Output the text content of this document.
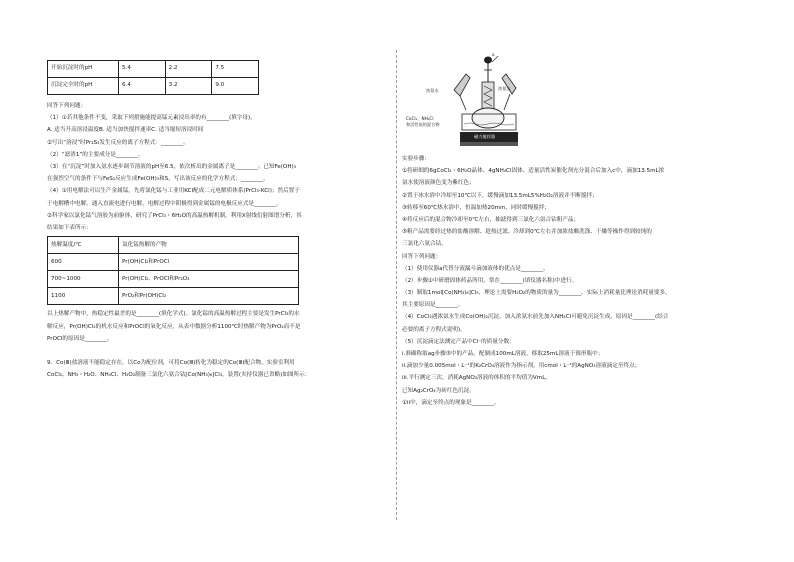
开始沉淀时的pH	5.4	2.2	7.5
沉淀完全时的pH	6.4	3.2	9.0

回答下列问题：

（1）①若其他条件不变，采取下列措施能提高锰元素浸出率的有________(填字母)。

A. 适当升高溶浸温度B. 适当加快搅拌速率C. 适当缩短溶浸时间

②写出“溶浸”时Pr₂S₃发生反应的离子方程式：________。

（2）“滤渣1”的主要成分是________。

（3）在“沉淀”时加入氨水逐步调节溶液的pH至6.5，依次析出的金属离子是________；已知Fe(OH)₃

在强烈空气的条件下与FeS₂反应生成Fe(OH)₃和S，写出该反应的化学方程式：________。

（4）①用电解法可以生产金属锰，先将氯化锰与工业用KCl配成二元电解质体系(PrCl₃-KCl)；然后置于

于电解槽中电解。通入直流电进行电解，电解过程中阴极得到金属锰的电极反应式是________。

②科学家以氯化锰气溶胶为前驱体，研究了PrCl₃・6H₂O的高温热解机制。利用X射线衍射图谱分析，其

结果如下表所示：

热解温度/℃	氯化锰热解的产物
600	Pr(OH)Cl₂和PrOCl
700~1000	Pr(OH)Cl₂、PrOCl和Pr₂O₃
1100	PrO₂和Pr(OH)Cl₂

以上热解产物中，热稳定性最差的是________(填化学式)。氯化锰的高温热解过程主要是发生PrCl₃的水

解反应，Pr(OH)Cl₂的机水反应和PrOCl的氧化反应，从表中数据分析1100℃时热解产物为PrO₂而不是

PrOCl的原因是________。

9．Co(Ⅲ)盐溶液不能稳定存在，以Co为配位剂，可将Co(Ⅲ)转化为稳定的Co(Ⅲ)配合物，实验室利用

CoCl₂、NH₃・H₂O、NH₄Cl、H₂O₂制备三氯化六氨合钴[Co(NH₃)₆]Cl₃，装置(夹持仪器已省略)如图所示：

a
浓氨水	浓氨水
CoCl₂、NH₄Cl
和活性炭的混合物
罐子
磁力搅拌器

实验步骤：

①将研细的6gCoCl₂・6H₂O晶体、4gNH₄Cl固体、适量活性炭催化剂充分混合后加入c中，滴加13.5mL浓

氨水使溶液颜色变为紫红色；

②置于冰水浴中冷却至10℃以下，缓慢滴加13.5mL5%H₂O₂溶液并不断搅拌；

③转移至60℃热水浴中，恒温加热20min，同时缓慢搅拌；

④将反应后的混合物冷却至0℃左右，抽滤得到三氯化六氨合钴粗产品；

⑤粗产品需要经过热的盐酸溶解、趁热过滤、冷却到0℃左右并加浓盐酸洗涤、干燥等操作得到较纯的

三氯化六氨合钴。

回答下列问题：

（1）使用仪器a代替分液漏斗滴加液体的优点是________。

（2）步骤①中研磨固体药品所用，常在________(填仪器名称)中进行。

（3）制取1mol[Co(NH₃)₆]Cl₃，理论上需要H₂O₂的物质的量为________，实际上消耗量比理论消耗量要多，

其主要原因是________。

（4）CoCl₂遇浓氨水生成Co(OH)₂沉淀，加入浓氨水前先加入NH₄Cl可避免沉淀生成，原因是________(结合

必要的离子方程式说明)。

（5）沉淀滴定法测定产品中Cl⁻的质量分数：

i.准确称取ag步骤⑤中的产品，配制成100mL溶液，移取25mL溶液于锥形瓶中；

ii.滴加少量0.005mol・L⁻¹的K₂CrO₄溶液作为指示剂，用cmol・L⁻¹的AgNO₃溶液滴定至终点；

iii.平行测定三次，消耗AgNO₃溶液的体积的平均值为VmL。

已知Ag₂CrO₄为砖红色沉淀。

①ii中，滴定至终点的现象是________。
